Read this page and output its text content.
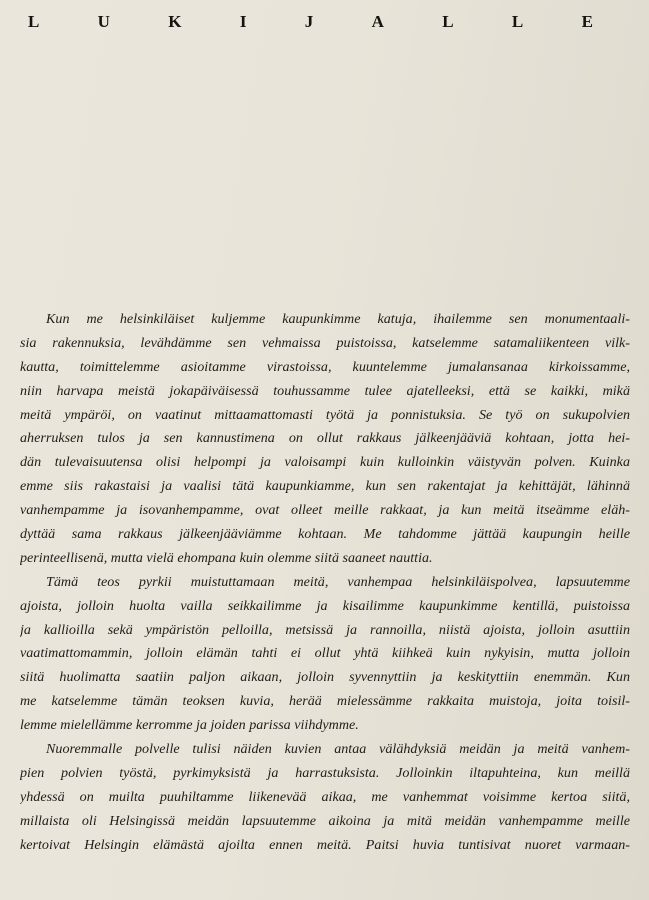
L	U	K	I	J	A	L	L	E
Kun me helsinkiläiset kuljemme kaupunkimme katuja, ihailemme sen monumentaali-
sia rakennuksia, levähdämme sen vehmaissa puistoissa, katselemme satamaliikenteen vilk-
kautta, toimittelemme asioitamme virastoissa, kuuntelemme jumalansanaa kirkoissamme,
niin harvapa meistä jokapäiväisessä touhussamme tulee ajatelleeksi, että se kaikki, mikä
meitä ympäröi, on vaatinut mittaamattomasti työtä ja ponnistuksia. Se työ on sukupolvien
aherruksen tulos ja sen kannustimena on ollut rakkaus jälkeenjääviä kohtaan, jotta hei-
dän tulevaisuutensa olisi helpompi ja valoisampi kuin kulloinkin väistyvän polven. Kuinka
emme siis rakastaisi ja vaalisi tätä kaupunkiamme, kun sen rakentajat ja kehittäjät, lähinnä
vanhempamme ja isovanhempamme, ovat olleet meille rakkaat, ja kun meitä itseämme eläh-
dyttää sama rakkaus jälkeenjääviämme kohtaan. Me tahdomme jättää kaupungin heille
perinteellisenä, mutta vielä ehompana kuin olemme siitä saaneet nauttia.
Tämä teos pyrkii muistuttamaan meitä, vanhempaa helsinkiläispolvea, lapsuutemme
ajoista, jolloin huolta vailla seikkailimme ja kisailimme kaupunkimme kentillä, puistoissa
ja kallioilla sekä ympäristön pelloilla, metsissä ja rannoilla, niistä ajoista, jolloin asuttiin
vaatimattomammin, jolloin elämän tahti ei ollut yhtä kiihkeä kuin nykyisin, mutta jolloin
siitä huolimatta saatiin paljon aikaan, jolloin syvennyttiin ja keskityttiin enemmän. Kun
me katselemme tämän teoksen kuvia, herää mielessämme rakkaita muistoja, joita toisil-
lemme mielellämme kerromme ja joiden parissa viihdymme.
Nuoremmalle polvelle tulisi näiden kuvien antaa välähdyksiä meidän ja meitä vanhem-
pien polvien työstä, pyrkimyksistä ja harrastuksista. Jolloinkin iltapuhteina, kun meillä
yhdessä on muilta puuhiltamme liikenevää aikaa, me vanhemmat voisimme kertoa siitä,
millaista oli Helsingissä meidän lapsuutemme aikoina ja mitä meidän vanhempamme meille
kertoivat Helsingin elämästä ajoilta ennen meitä. Paitsi huvia tuntisivat nuoret varmaan-
